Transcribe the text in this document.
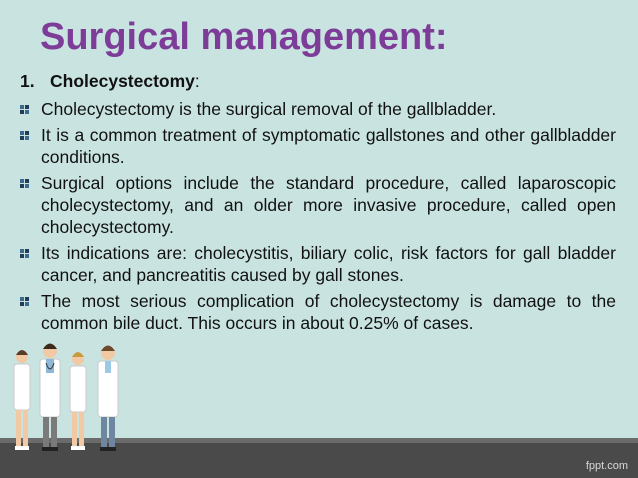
Surgical management:
1. Cholecystectomy:
Cholecystectomy is the surgical removal of the gallbladder.
It is a common treatment of symptomatic gallstones and other gallbladder conditions.
Surgical options include the standard procedure, called laparoscopic cholecystectomy, and an older more invasive procedure, called open cholecystectomy.
Its indications are: cholecystitis, biliary colic, risk factors for gall bladder cancer, and pancreatitis caused by gall stones.
The most serious complication of cholecystectomy is damage to the common bile duct. This occurs in about 0.25% of cases.
fppt.com
